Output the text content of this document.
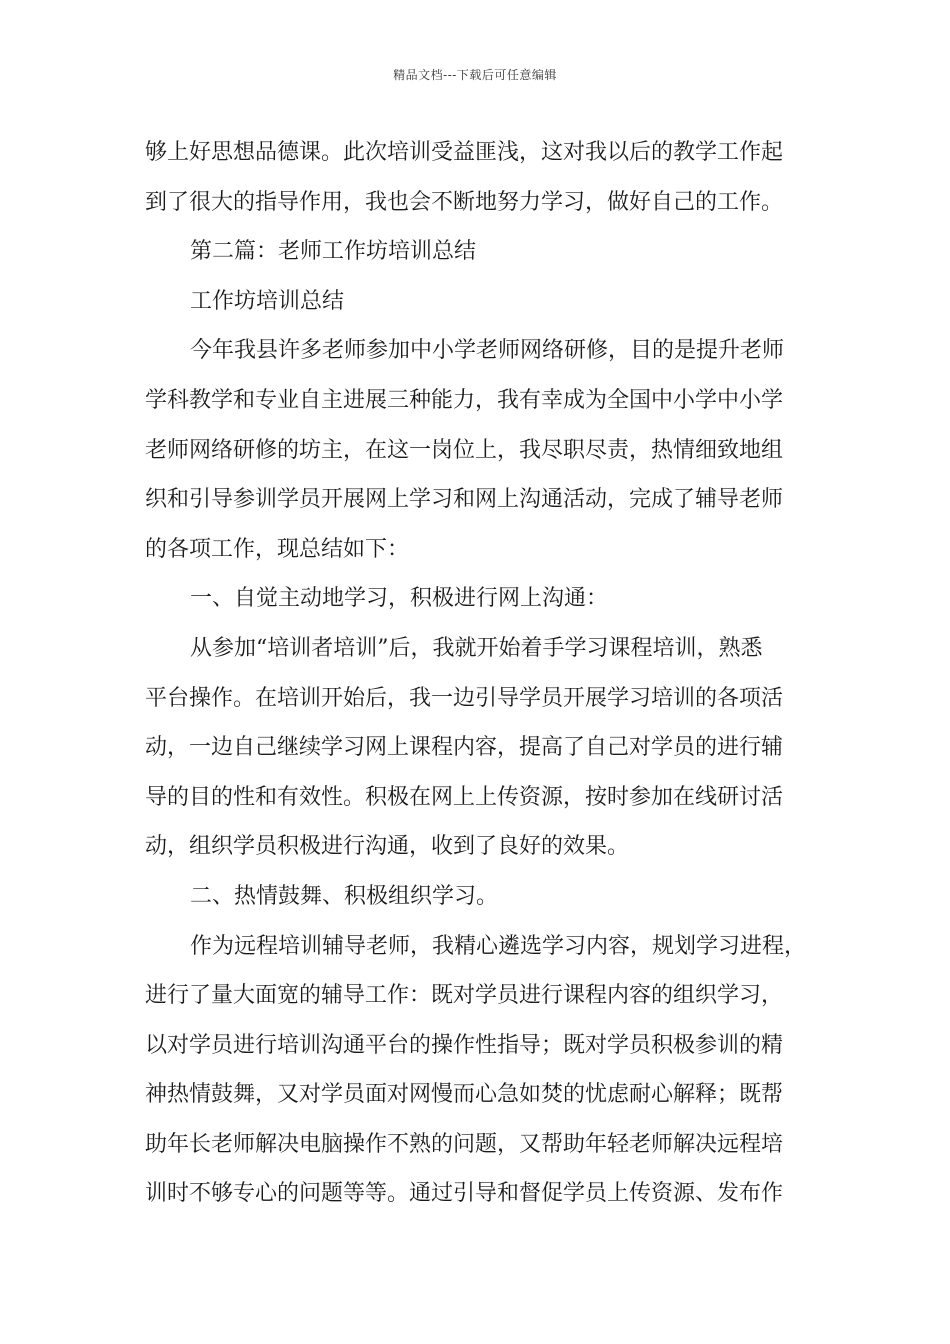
精品文档---下载后可任意编辑
够上好思想品德课。此次培训受益匪浅，这对我以后的教学工作起
到了很大的指导作用，我也会不断地努力学习，做好自己的工作。
第二篇：老师工作坊培训总结
工作坊培训总结
今年我县许多老师参加中小学老师网络研修，目的是提升老师
学科教学和专业自主进展三种能力，我有幸成为全国中小学中小学
老师网络研修的坊主，在这一岗位上，我尽职尽责，热情细致地组
织和引导参训学员开展网上学习和网上沟通活动，完成了辅导老师
的各项工作，现总结如下：
一、自觉主动地学习，积极进行网上沟通：
从参加“培训者培训”后，我就开始着手学习课程培训，熟悉
平台操作。在培训开始后，我一边引导学员开展学习培训的各项活
动，一边自己继续学习网上课程内容，提高了自己对学员的进行辅
导的目的性和有效性。积极在网上上传资源，按时参加在线研讨活
动，组织学员积极进行沟通，收到了良好的效果。
二、热情鼓舞、积极组织学习。
作为远程培训辅导老师，我精心遴选学习内容，规划学习进程，
进行了量大面宽的辅导工作：既对学员进行课程内容的组织学习，
以对学员进行培训沟通平台的操作性指导；既对学员积极参训的精
神热情鼓舞，又对学员面对网慢而心急如焚的忧虑耐心解释；既帮
助年长老师解决电脑操作不熟的问题，又帮助年轻老师解决远程培
训时不够专心的问题等等。通过引导和督促学员上传资源、发布作
